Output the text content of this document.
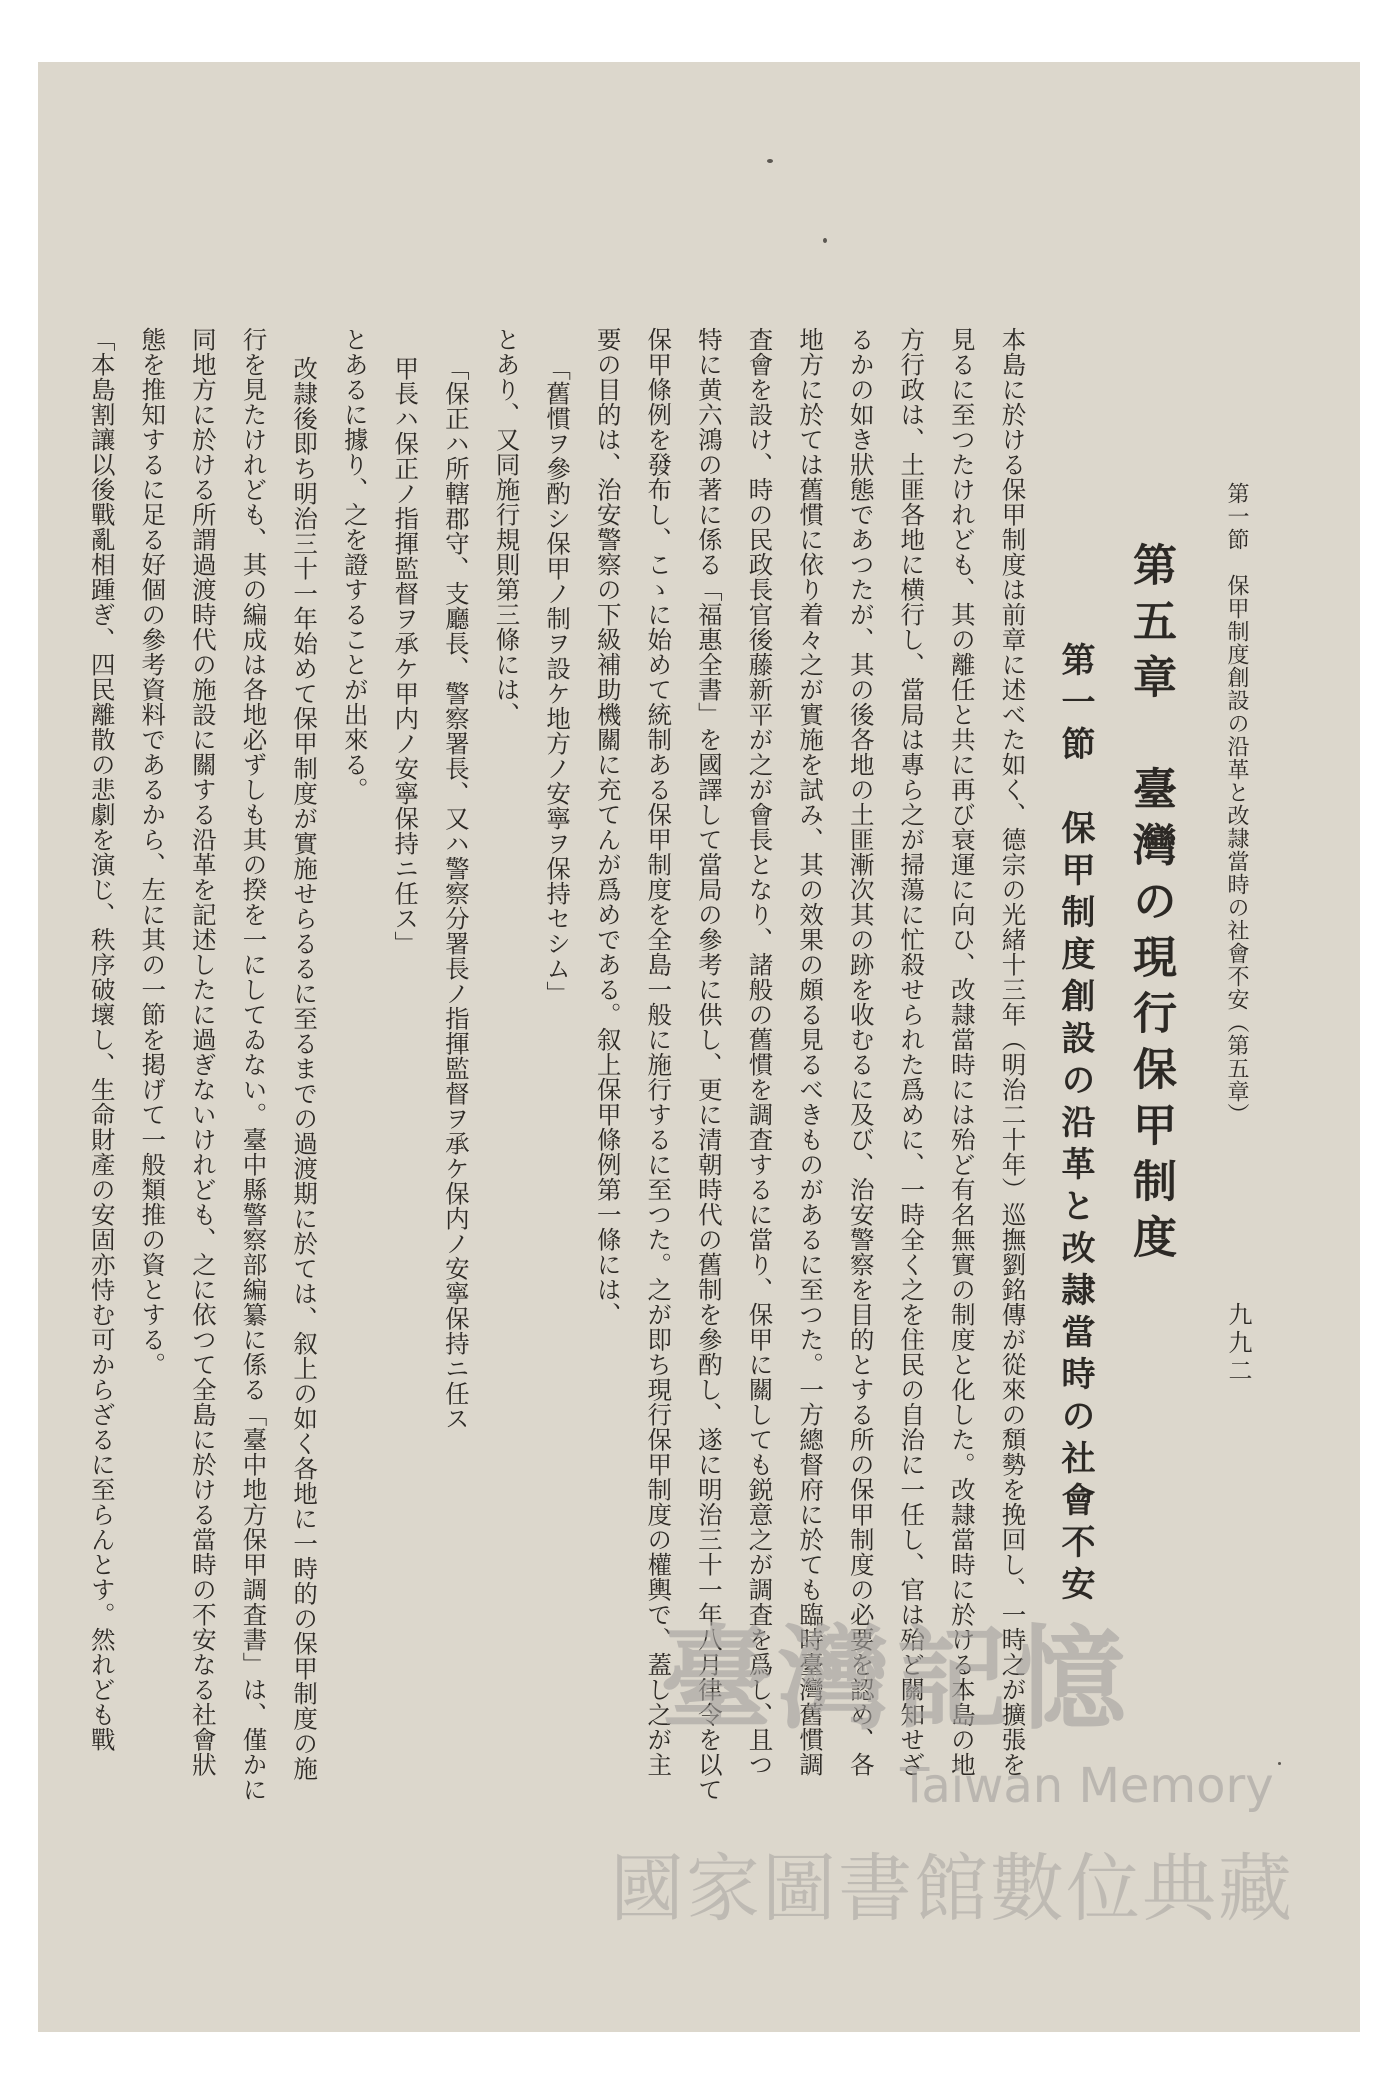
第一節　保甲制度創設の沿革と改隷當時の社會不安（第五章）
九九二
第五章　臺灣の現行保甲制度
第一節　保甲制度創設の沿革と改隷當時の社會不安
本島に於ける保甲制度は前章に述べた如く、德宗の光緒十三年（明治二十年）巡撫劉銘傳が從來の頽勢を挽回し、一時之が擴張を
見るに至つたけれども、其の離任と共に再び衰運に向ひ、改隷當時には殆ど有名無實の制度と化した。改隷當時に於ける本島の地
方行政は、土匪各地に横行し、當局は專ら之が掃蕩に忙殺せられた爲めに、一時全く之を住民の自治に一任し、官は殆ど關知せざ
るかの如き狀態であつたが、其の後各地の土匪漸次其の跡を收むるに及び、治安警察を目的とする所の保甲制度の必要を認め、各
地方に於ては舊慣に依り着々之が實施を試み、其の效果の頗る見るべきものがあるに至つた。一方總督府に於ても臨時臺灣舊慣調
査會を設け、時の民政長官後藤新平が之が會長となり、諸般の舊慣を調査するに當り、保甲に關しても鋭意之が調査を爲し、且つ
特に黄六鴻の著に係る「福惠全書」を國譯して當局の參考に供し、更に清朝時代の舊制を參酌し、遂に明治三十一年八月律令を以て
保甲條例を發布し、こゝに始めて統制ある保甲制度を全島一般に施行するに至つた。之が即ち現行保甲制度の權輿で、蓋し之が主
要の目的は、治安警察の下級補助機關に充てんが爲めである。叙上保甲條例第一條には、
「舊慣ヲ參酌シ保甲ノ制ヲ設ケ地方ノ安寧ヲ保持セシム」
とあり、又同施行規則第三條には、
「保正ハ所轄郡守、支廳長、警察署長、又ハ警察分署長ノ指揮監督ヲ承ケ保内ノ安寧保持ニ任ス
甲長ハ保正ノ指揮監督ヲ承ケ甲内ノ安寧保持ニ任ス」
とあるに據り、之を證することが出來る。
改隷後即ち明治三十一年始めて保甲制度が實施せらるるに至るまでの過渡期に於ては、叙上の如く各地に一時的の保甲制度の施
行を見たけれども、其の編成は各地必ずしも其の揆を一にしてゐない。臺中縣警察部編纂に係る「臺中地方保甲調査書」は、僅かに
同地方に於ける所謂過渡時代の施設に關する沿革を記述したに過ぎないけれども、之に依つて全島に於ける當時の不安なる社會狀
態を推知するに足る好個の參考資料であるから、左に其の一節を掲げて一般類推の資とする。
「本島割讓以後戰亂相踵ぎ、四民離散の悲劇を演じ、秩序破壞し、生命財產の安固亦恃む可からざるに至らんとす。然れども戰	臺灣記憶
Taiwan Memory
國家圖書館數位典藏
